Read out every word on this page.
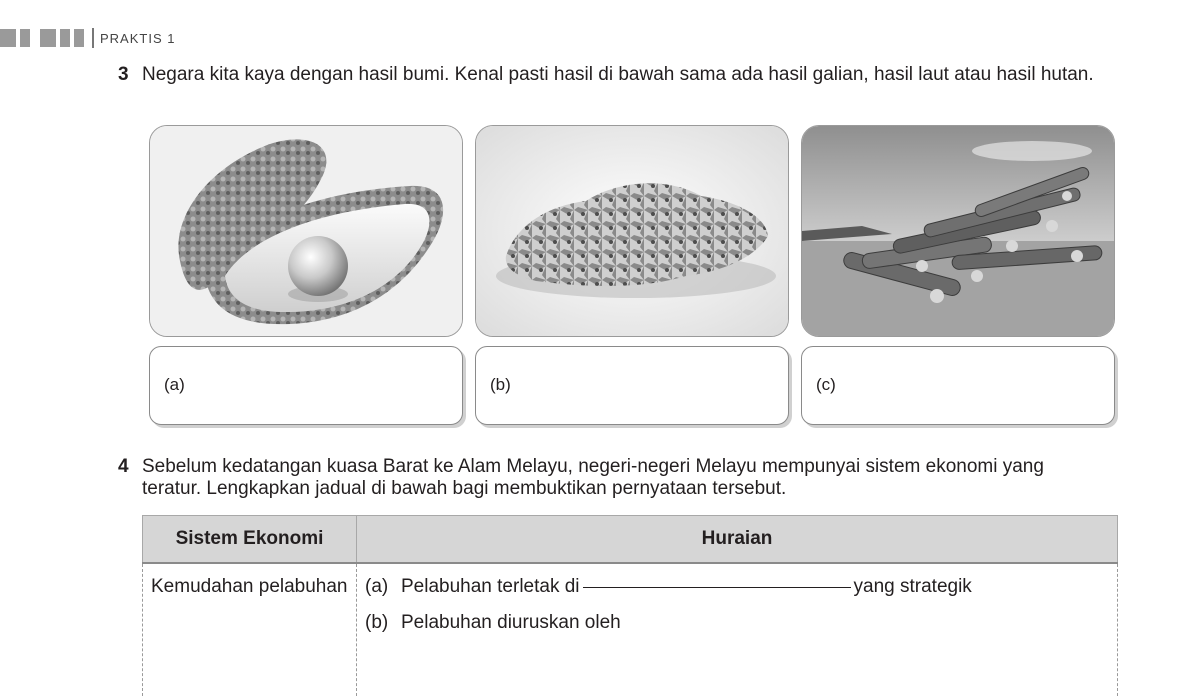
PRAKTIS 1
3 Negara kita kaya dengan hasil bumi. Kenal pasti hasil di bawah sama ada hasil galian, hasil laut atau hasil hutan.
(a)	(b)	(c)
4 Sebelum kedatangan kuasa Barat ke Alam Melayu, negeri-negeri Melayu mempunyai sistem ekonomi yang teratur. Lengkapkan jadual di bawah bagi membuktikan pernyataan tersebut.
Sistem Ekonomi	Huraian
Kemudahan pelabuhan	(a) Pelabuhan terletak di yang strategik
(b) Pelabuhan diuruskan oleh
